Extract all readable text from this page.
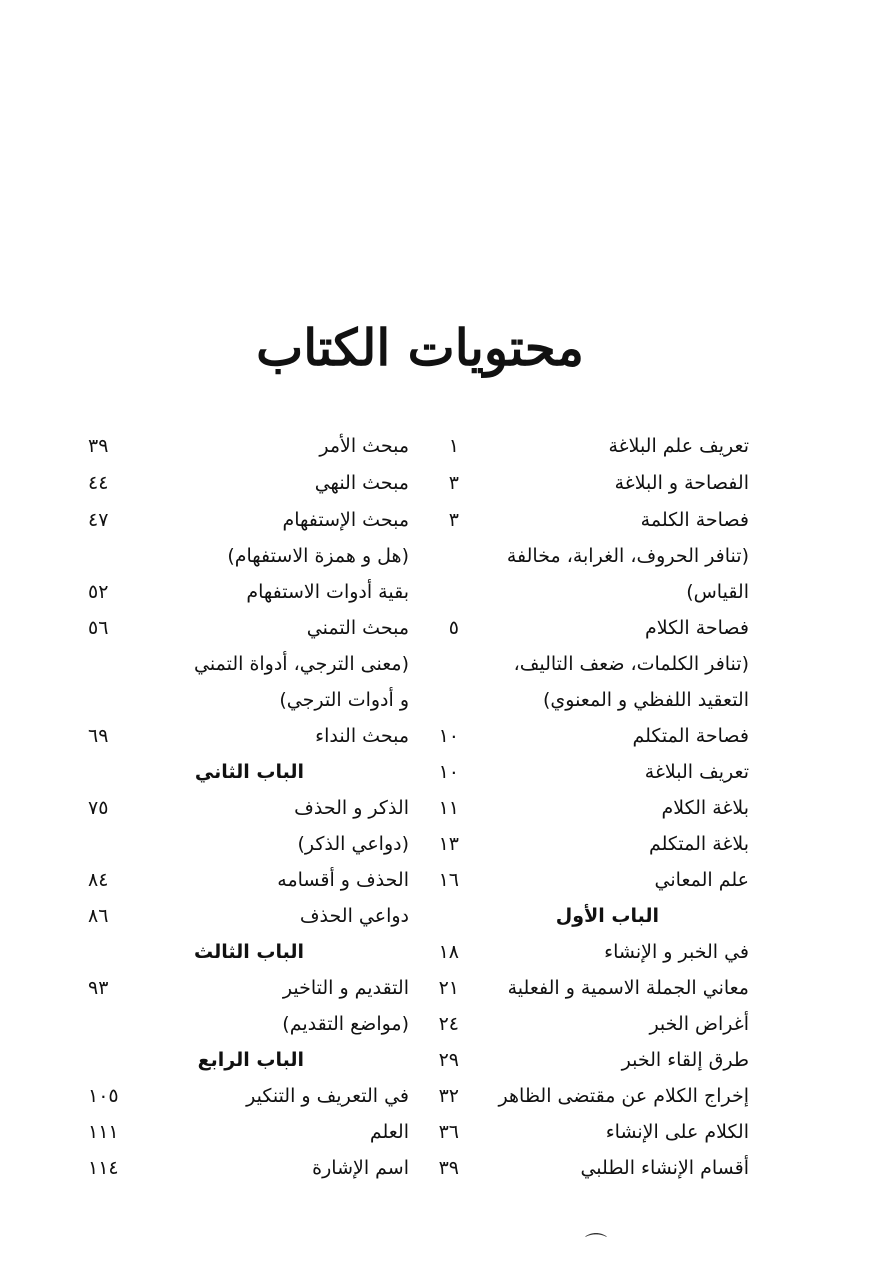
محتويات الكتاب
تعريف علم البلاغة
١
مبحث الأمر
٣٩
الفصاحة و البلاغة
٣
مبحث النهي
٤٤
فصاحة الكلمة
٣
مبحث الإستفهام
٤٧
(تنافر الحروف، الغرابة، مخالفة
(هل و همزة الاستفهام)
القياس)
بقية أدوات الاستفهام
٥٢
فصاحة الكلام
٥
مبحث التمني
٥٦
(تنافر الكلمات، ضعف التاليف،
(معنى الترجي، أدواة التمني
التعقيد اللفظي و المعنوي)
و أدوات الترجي)
فصاحة المتكلم
١٠
مبحث النداء
٦٩
تعريف البلاغة
١٠
الباب الثاني
بلاغة الكلام
١١
الذكر و الحذف
٧٥
بلاغة المتكلم
١٣
(دواعي الذكر)
علم المعاني
١٦
الحذف و أقسامه
٨٤
الباب الأول
دواعي الحذف
٨٦
في الخبر و الإنشاء
١٨
الباب الثالث
معاني الجملة الاسمية و الفعلية
٢١
التقديم و التاخير
٩٣
أغراض الخبر
٢٤
(مواضع التقديم)
طرق إلقاء الخبر
٢٩
الباب الرابع
إخراج الكلام عن مقتضى الظاهر
٣٢
في التعريف و التنكير
١٠٥
الكلام على الإنشاء
٣٦
العلم
١١١
أقسام الإنشاء الطلبي
٣٩
اسم الإشارة
١١٤
⌒
